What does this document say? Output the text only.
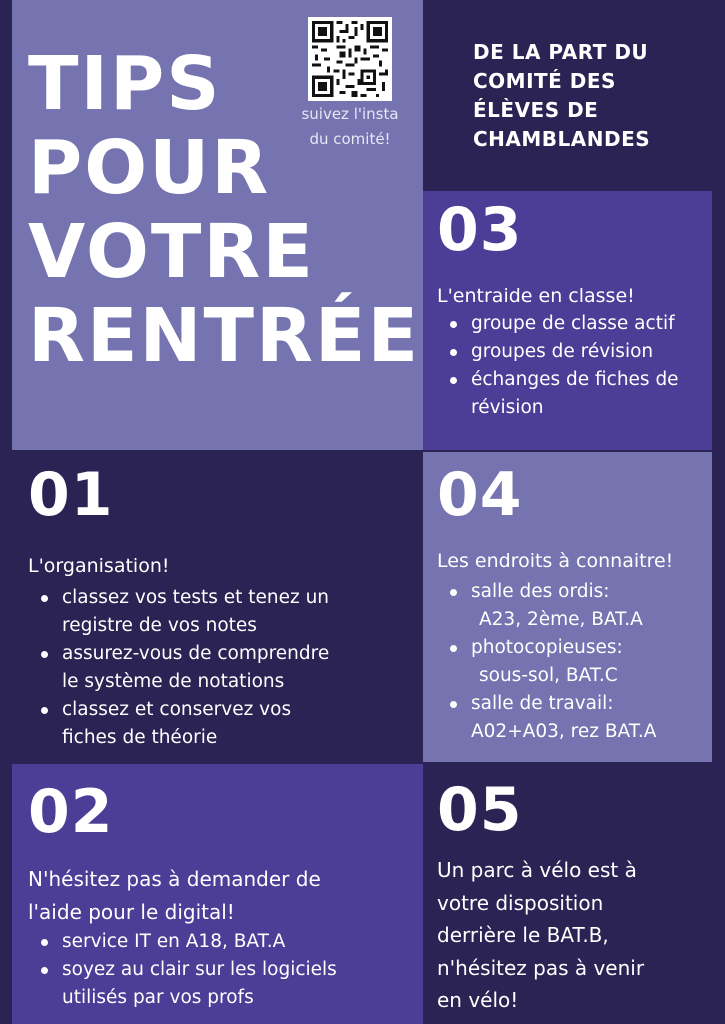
TIPS
POUR
VOTRE
RENTRÉE
suivez l'insta
du comité!
DE LA PART DU
COMITÉ DES
ÉLÈVES DE
CHAMBLANDES
03
L'entraide en classe!
groupe de classe actif
groupes de révision
échanges de fiches de
révision
01
L'organisation!
classez vos tests et tenez un
registre de vos notes
assurez-vous de comprendre
le système de notations
classez et conservez vos
fiches de théorie
04
Les endroits à connaitre!
salle des ordis:
A23, 2ème, BAT.A
photocopieuses:
sous-sol, BAT.C
salle de travail:
A02+A03, rez BAT.A
02
N'hésitez pas à demander de
l'aide pour le digital!
service IT en A18, BAT.A
soyez au clair sur les logiciels
utilisés par vos profs
05
Un parc à vélo est à
votre disposition
derrière le BAT.B,
n'hésitez pas à venir
en vélo!
